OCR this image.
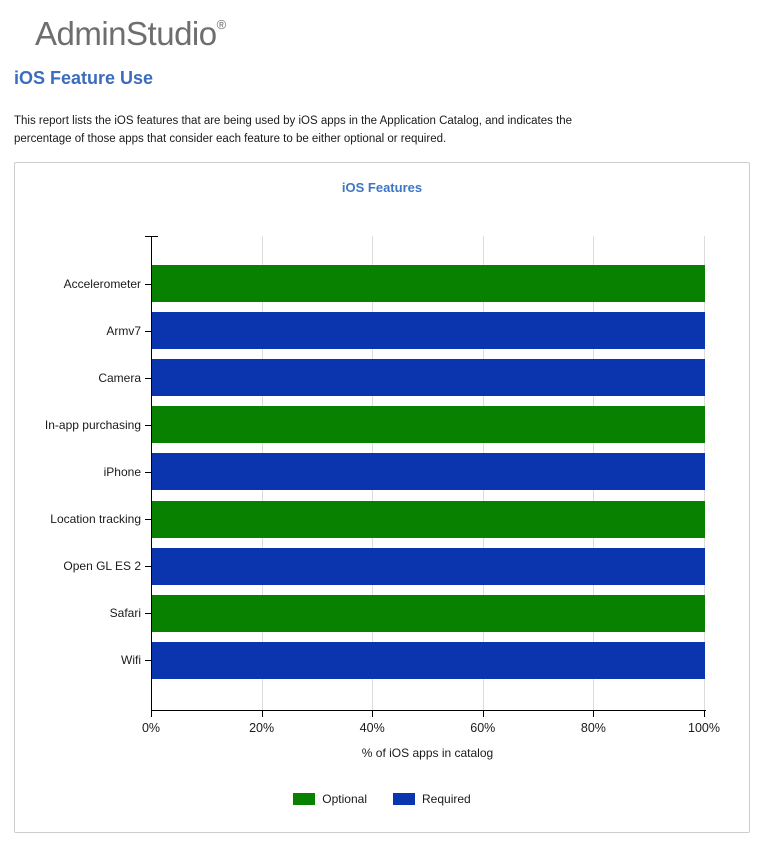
AdminStudio®
iOS Feature Use

This report lists the iOS features that are being used by iOS apps in the Application Catalog, and indicates the percentage of those apps that consider each feature to be either optional or required.

iOS Features
% of iOS apps in catalog
0%	20%	40%	60%	80%	100%
Accelerometer
Armv7
Camera
In-app purchasing
iPhone
Location tracking
Open GL ES 2
Safari
Wifi
Optional	Required
